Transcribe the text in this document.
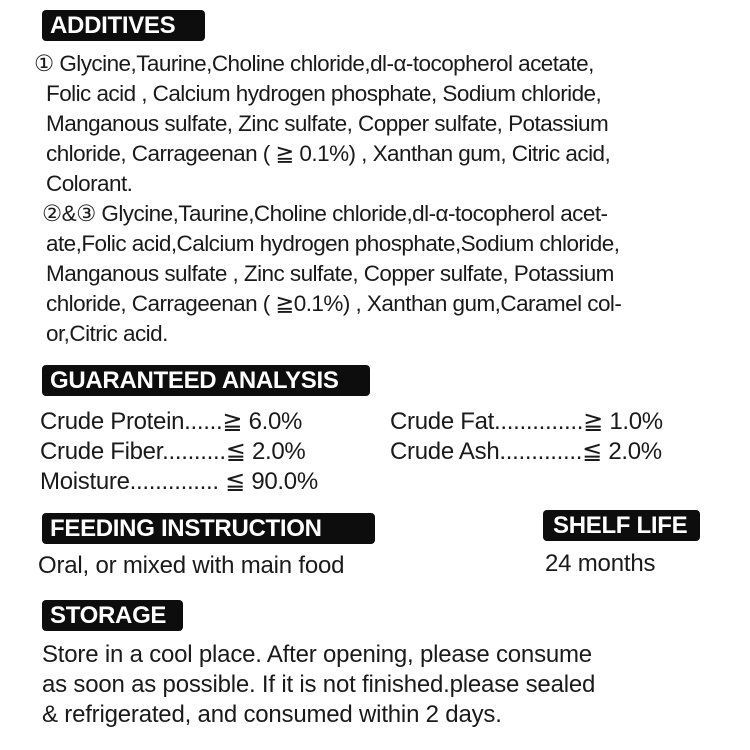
ADDITIVES
① Glycine,Taurine,Choline chloride,dl-α-tocopherol acetate,
Folic acid , Calcium hydrogen phosphate, Sodium chloride,
Manganous sulfate, Zinc sulfate, Copper sulfate, Potassium
chloride, Carrageenan ( ≧ 0.1%) , Xanthan gum, Citric acid,
Colorant.
②&③ Glycine,Taurine,Choline chloride,dl-α-tocopherol acet-
ate,Folic acid,Calcium hydrogen phosphate,Sodium chloride,
Manganous sulfate , Zinc sulfate, Copper sulfate, Potassium
chloride, Carrageenan ( ≧0.1%) , Xanthan gum,Caramel col-
or,Citric acid.
GUARANTEED ANALYSIS
Crude Protein......≧ 6.0%
Crude Fiber..........≦ 2.0%
Moisture.............. ≦ 90.0%
Crude Fat..............≧ 1.0%
Crude Ash.............≦ 2.0%
FEEDING INSTRUCTION
Oral, or mixed with main food
SHELF LIFE
24 months
STORAGE
Store in a cool place. After opening, please consume
as soon as possible. If it is not finished.please sealed
& refrigerated, and consumed within 2 days.
